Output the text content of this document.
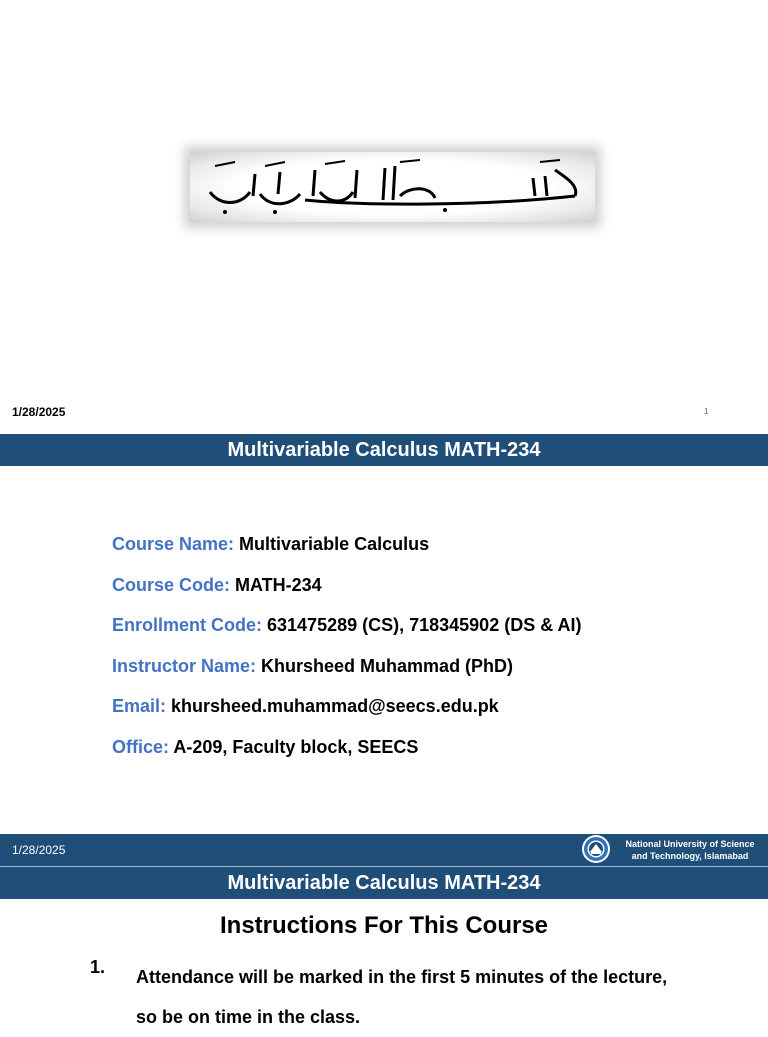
1/28/2025	1
Multivariable Calculus MATH-234
Course Name: Multivariable Calculus
Course Code: MATH-234
Enrollment Code: 631475289 (CS), 718345902 (DS & AI)
Instructor Name: Khursheed Muhammad (PhD)
Email: khursheed.muhammad@seecs.edu.pk
Office: A-209, Faculty block, SEECS
1/28/2025	National University of Science
and Technology, Islamabad
Multivariable Calculus MATH-234
Instructions For This Course
1. Attendance will be marked in the first 5 minutes of the lecture, so be on time in the class.
